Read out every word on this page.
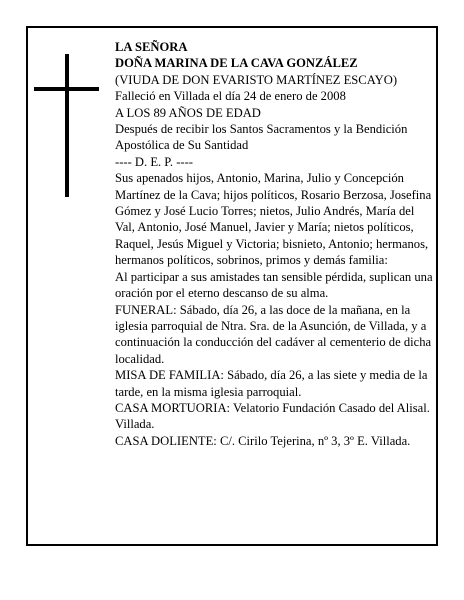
LA SEÑORA

DOÑA MARINA DE LA CAVA GONZÁLEZ

(VIUDA DE DON EVARISTO MARTÍNEZ ESCAYO)

Falleció en Villada el día 24 de enero de 2008

A LOS 89 AÑOS DE EDAD

Después de recibir los Santos Sacramentos y la Bendición Apostólica de Su Santidad

---- D. E. P. ----

Sus apenados hijos, Antonio, Marina, Julio y Concepción Martínez de la Cava; hijos políticos, Rosario Berzosa, Josefina Gómez y José Lucio Torres; nietos, Julio Andrés, María del Val, Antonio, José Manuel, Javier y María; nietos políticos, Raquel, Jesús Miguel y Victoria; bisnieto, Antonio; hermanos, hermanos políticos, sobrinos, primos y demás familia:

Al participar a sus amistades tan sensible pérdida, suplican una oración por el eterno descanso de su alma.

FUNERAL: Sábado, día 26, a las doce de la mañana, en la iglesia parroquial de Ntra. Sra. de la Asunción, de Villada, y a continuación la conducción del cadáver al cementerio de dicha localidad.

MISA DE FAMILIA: Sábado, día 26, a las siete y media de la tarde, en la misma iglesia parroquial.

CASA MORTUORIA: Velatorio Fundación Casado del Alisal. Villada.

CASA DOLIENTE: C/. Cirilo Tejerina, nº 3, 3º E. Villada.
